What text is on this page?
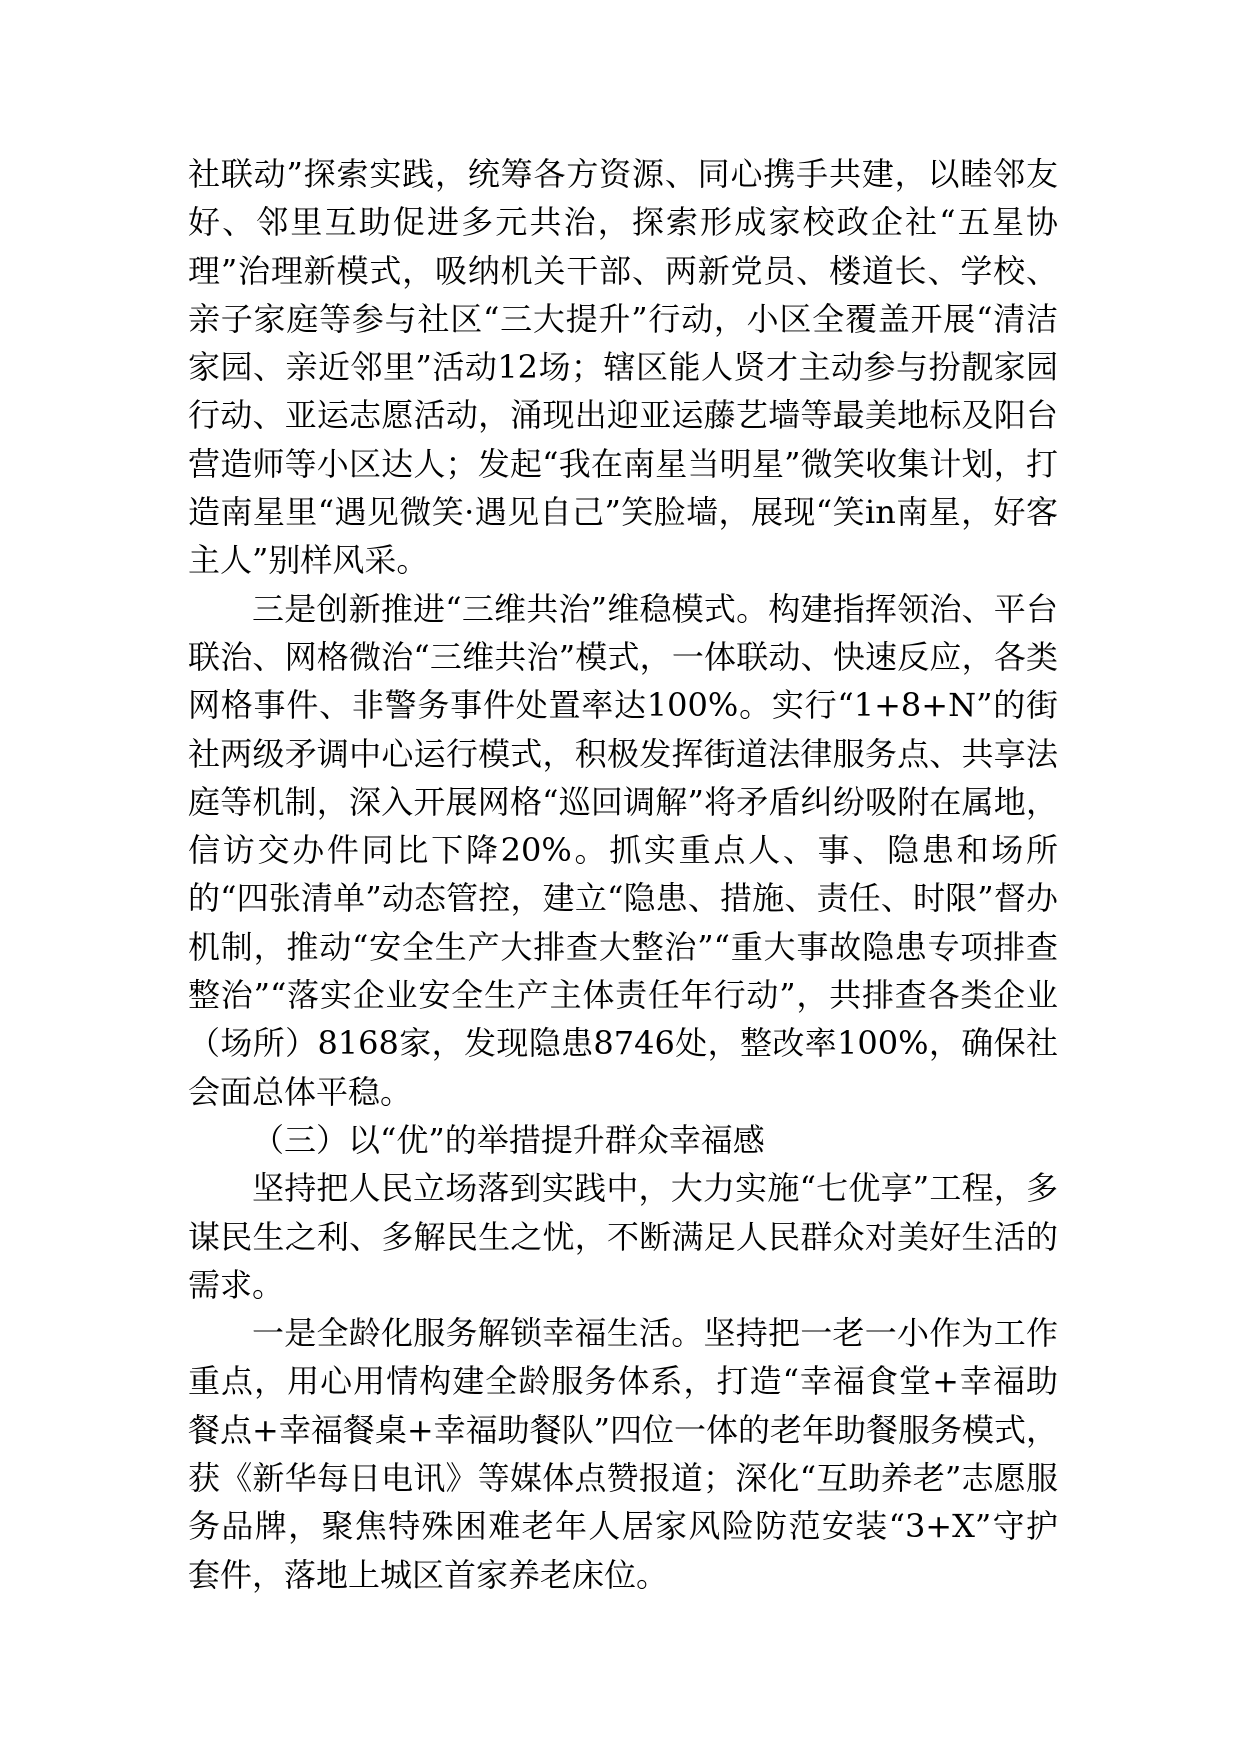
社联动”探索实践，统筹各方资源、同心携手共建，以睦邻友好、邻里互助促进多元共治，探索形成家校政企社“五星协理”治理新模式，吸纳机关干部、两新党员、楼道长、学校、亲子家庭等参与社区“三大提升”行动，小区全覆盖开展“清洁家园、亲近邻里”活动12场；辖区能人贤才主动参与扮靓家园行动、亚运志愿活动，涌现出迎亚运藤艺墙等最美地标及阳台营造师等小区达人；发起“我在南星当明星”微笑收集计划，打造南星里“遇见微笑·遇见自己”笑脸墙，展现“笑in南星，好客主人”别样风采。

三是创新推进“三维共治”维稳模式。构建指挥领治、平台联治、网格微治“三维共治”模式，一体联动、快速反应，各类网格事件、非警务事件处置率达100%。实行“1+8+N”的街社两级矛调中心运行模式，积极发挥街道法律服务点、共享法庭等机制，深入开展网格“巡回调解”将矛盾纠纷吸附在属地，信访交办件同比下降20%。抓实重点人、事、隐患和场所的“四张清单”动态管控，建立“隐患、措施、责任、时限”督办机制，推动“安全生产大排查大整治”“重大事故隐患专项排查整治”“落实企业安全生产主体责任年行动”，共排查各类企业（场所）8168家，发现隐患8746处，整改率100%，确保社会面总体平稳。

（三）以“优”的举措提升群众幸福感

坚持把人民立场落到实践中，大力实施“七优享”工程，多谋民生之利、多解民生之忧，不断满足人民群众对美好生活的需求。

一是全龄化服务解锁幸福生活。坚持把一老一小作为工作重点，用心用情构建全龄服务体系，打造“幸福食堂+幸福助餐点+幸福餐桌+幸福助餐队”四位一体的老年助餐服务模式，获《新华每日电讯》等媒体点赞报道；深化“互助养老”志愿服务品牌，聚焦特殊困难老年人居家风险防范安装“3+X”守护套件，落地上城区首家养老床位。
